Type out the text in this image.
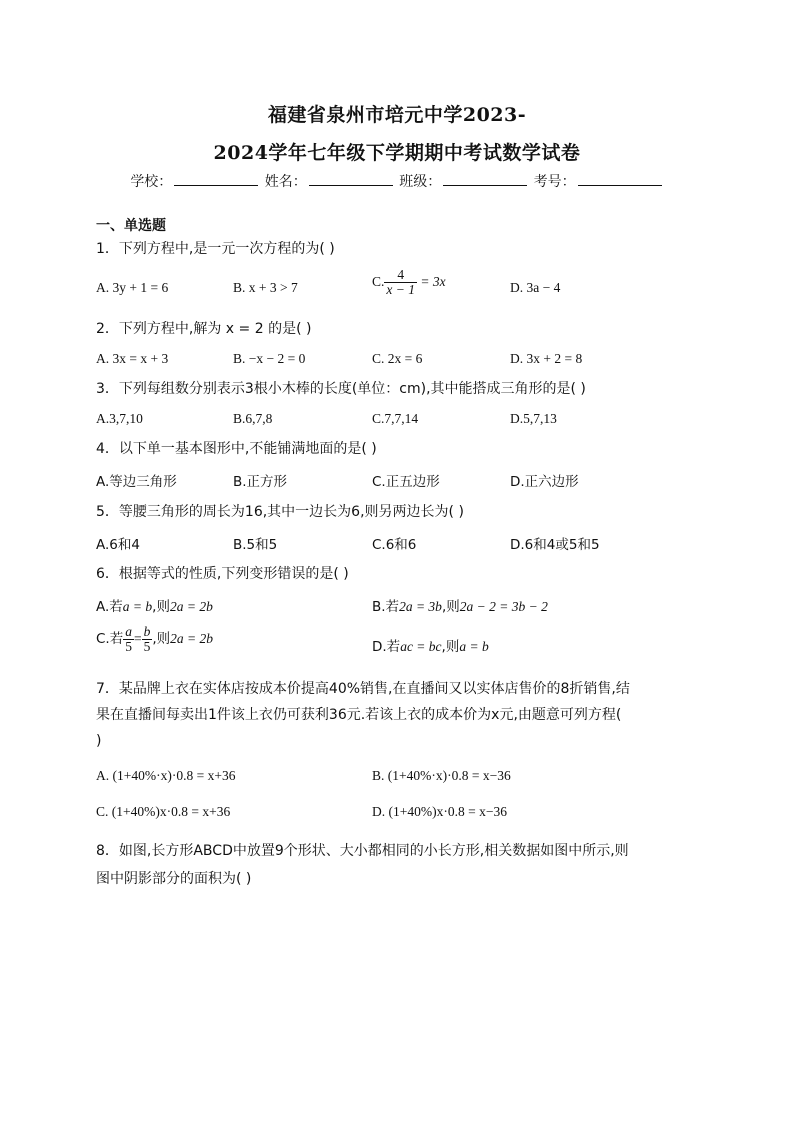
福建省泉州市培元中学2023-
2024学年七年级下学期期中考试数学试卷
学校：	姓名：	班级：	考号：
一、单选题
1．下列方程中,是一元一次方程的为( )
A. 3y + 1 = 6	B. x + 3 > 7	C. $\frac{4}{x - 1} = 3x$	D. 3a − 4
2．下列方程中,解为 x = 2 的是( )
A. 3x = x + 3	B. −x − 2 = 0	C. 2x = 6	D. 3x + 2 = 8
3．下列每组数分别表示3根小木棒的长度(单位：cm),其中能搭成三角形的是( )
A.3,7,10	B.6,7,8	C.7,7,14	D.5,7,13
4．以下单一基本图形中,不能铺满地面的是( )
A.等边三角形	B.正方形	C.正五边形	D.正六边形
5．等腰三角形的周长为16,其中一边长为6,则另两边长为( )
A.6和4	B.5和5	C.6和6	D.6和4或5和5
6．根据等式的性质,下列变形错误的是( )
A.若a = b,则2a = 2b	B.若2a = 3b,则2a − 2 = 3b − 2
C.若 $\frac{a}{5} = \frac{b}{5}$ ,则2a = 2b
D.若ac = bc,则a = b
7．某品牌上衣在实体店按成本价提高40%销售,在直播间又以实体店售价的8折销售,结
果在直播间每卖出1件该上衣仍可获利36元.若该上衣的成本价为x元,由题意可列方程(
)
A. (1+40%·x)·0.8 = x+36	B. (1+40%·x)·0.8 = x−36
C. (1+40%)x·0.8 = x+36	D. (1+40%)x·0.8 = x−36
8．如图,长方形ABCD中放置9个形状、大小都相同的小长方形,相关数据如图中所示,则
图中阴影部分的面积为( )
